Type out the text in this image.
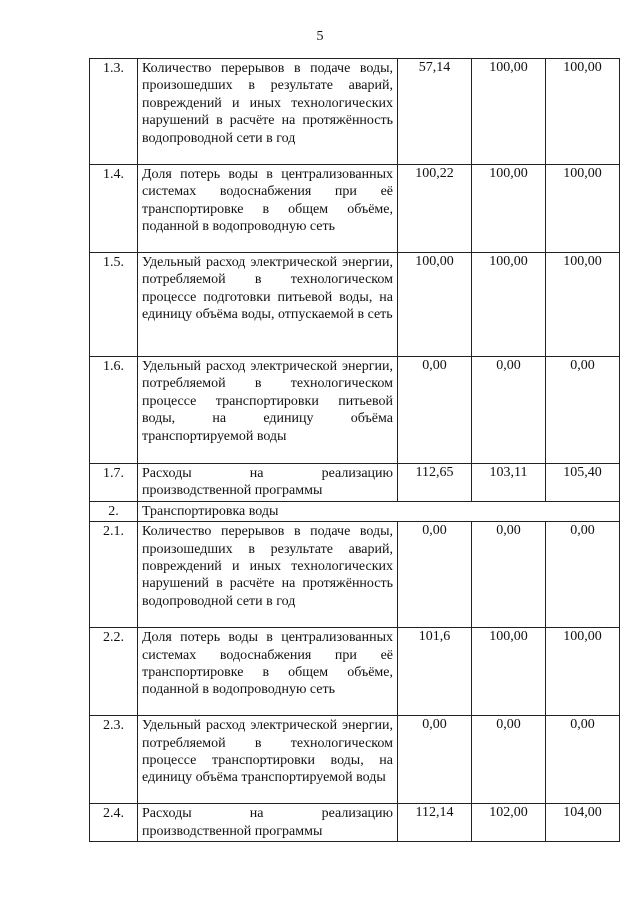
5
1.3.	Количество перерывов в подаче воды, произошедших в результате аварий, повреждений и иных технологических нарушений в расчёте на протяжённость водопроводной сети в год	57,14	100,00	100,00
1.4.	Доля потерь воды в централизованных системах водоснабжения при её транспортировке в общем объёме, поданной в водопроводную сеть	100,22	100,00	100,00
1.5.	Удельный расход электрической энергии, потребляемой в технологическом процессе подготовки питьевой воды, на единицу объёма воды, отпускаемой в сеть	100,00	100,00	100,00
1.6.	Удельный расход электрической энергии, потребляемой в технологическом процессе транспортировки питьевой воды, на единицу объёма транспортируемой воды	0,00	0,00	0,00
1.7.	Расходы на реализацию производственной программы	112,65	103,11	105,40
2.	Транспортировка воды			
2.1.	Количество перерывов в подаче воды, произошедших в результате аварий, повреждений и иных технологических нарушений в расчёте на протяжённость водопроводной сети в год	0,00	0,00	0,00
2.2.	Доля потерь воды в централизованных системах водоснабжения при её транспортировке в общем объёме, поданной в водопроводную сеть	101,6	100,00	100,00
2.3.	Удельный расход электрической энергии, потребляемой в технологическом процессе транспортировки воды, на единицу объёма транспортируемой воды	0,00	0,00	0,00
2.4.	Расходы на реализацию производственной программы	112,14	102,00	104,00
